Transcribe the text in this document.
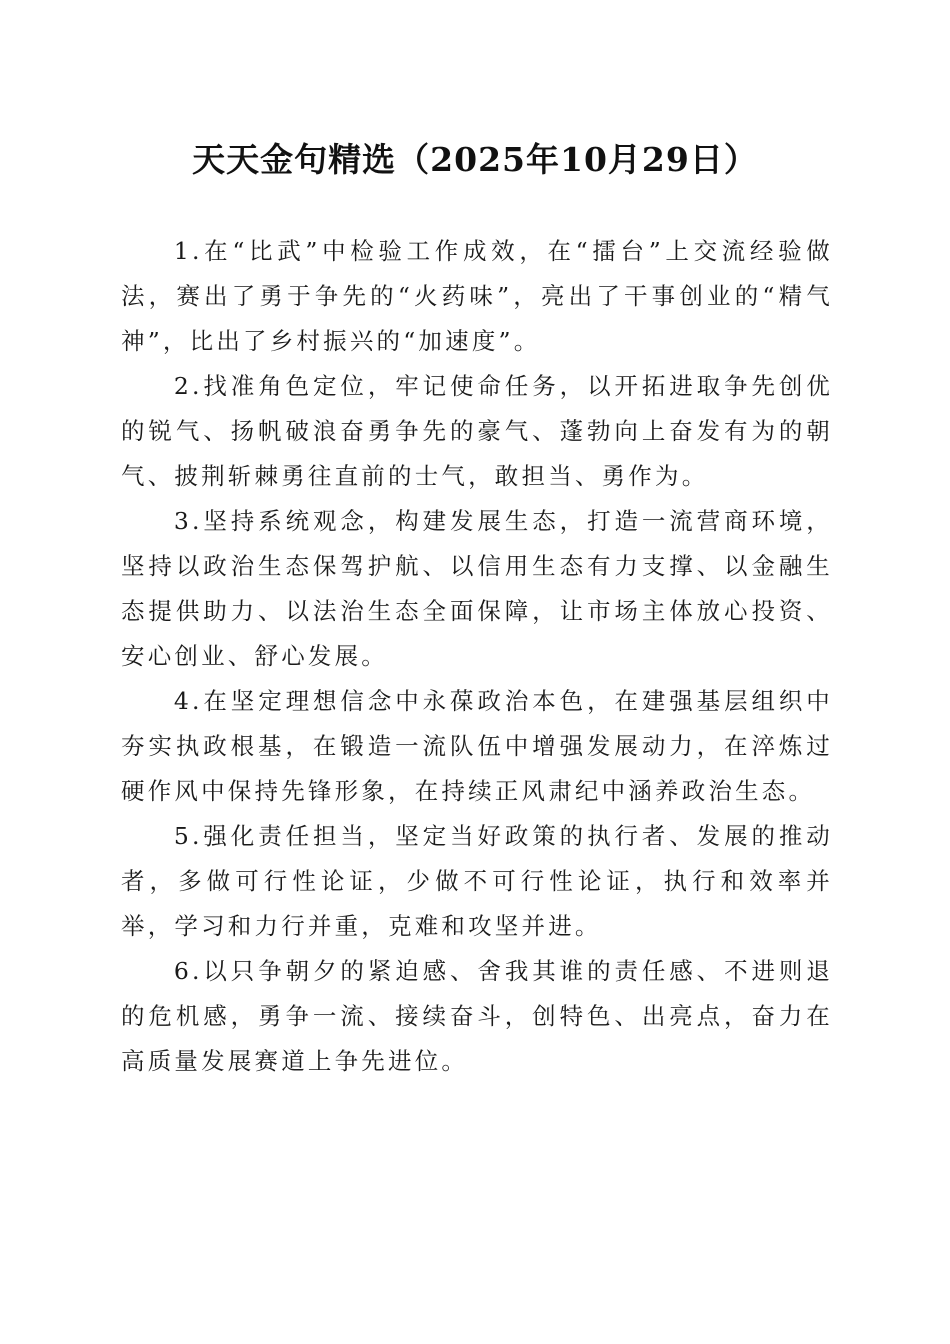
天天金句精选（2025年10月29日）

1.在“比武”中检验工作成效，在“擂台”上交流经验做法，赛出了勇于争先的“火药味”，亮出了干事创业的“精气神”，比出了乡村振兴的“加速度”。

2.找准角色定位，牢记使命任务，以开拓进取争先创优的锐气、扬帆破浪奋勇争先的豪气、蓬勃向上奋发有为的朝气、披荆斩棘勇往直前的士气，敢担当、勇作为。

3.坚持系统观念，构建发展生态，打造一流营商环境，坚持以政治生态保驾护航、以信用生态有力支撑、以金融生态提供助力、以法治生态全面保障，让市场主体放心投资、安心创业、舒心发展。

4.在坚定理想信念中永葆政治本色，在建强基层组织中夯实执政根基，在锻造一流队伍中增强发展动力，在淬炼过硬作风中保持先锋形象，在持续正风肃纪中涵养政治生态。

5.强化责任担当，坚定当好政策的执行者、发展的推动者，多做可行性论证，少做不可行性论证，执行和效率并举，学习和力行并重，克难和攻坚并进。

6.以只争朝夕的紧迫感、舍我其谁的责任感、不进则退的危机感，勇争一流、接续奋斗，创特色、出亮点，奋力在高质量发展赛道上争先进位。
